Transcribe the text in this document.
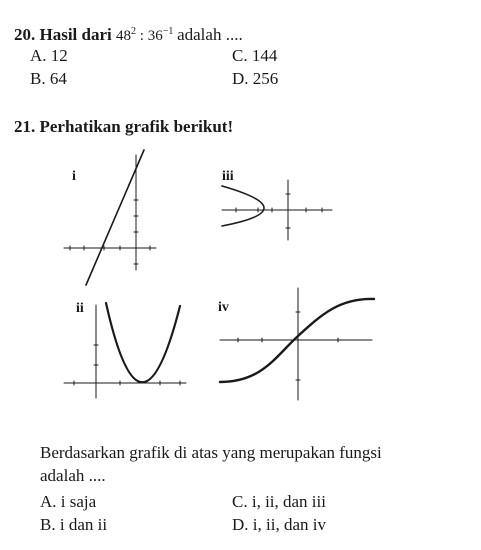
20. Hasil dari $48^2$ : $36^{-1}$ adalah ....
A. 12	C. 144
B. 64	D. 256
21. Perhatikan grafik berikut!
i	iii
ii	iv
Berdasarkan grafik di atas yang merupakan fungsi
adalah ....
A. i saja	C. i, ii, dan iii
B. i dan ii	D. i, ii, dan iv
